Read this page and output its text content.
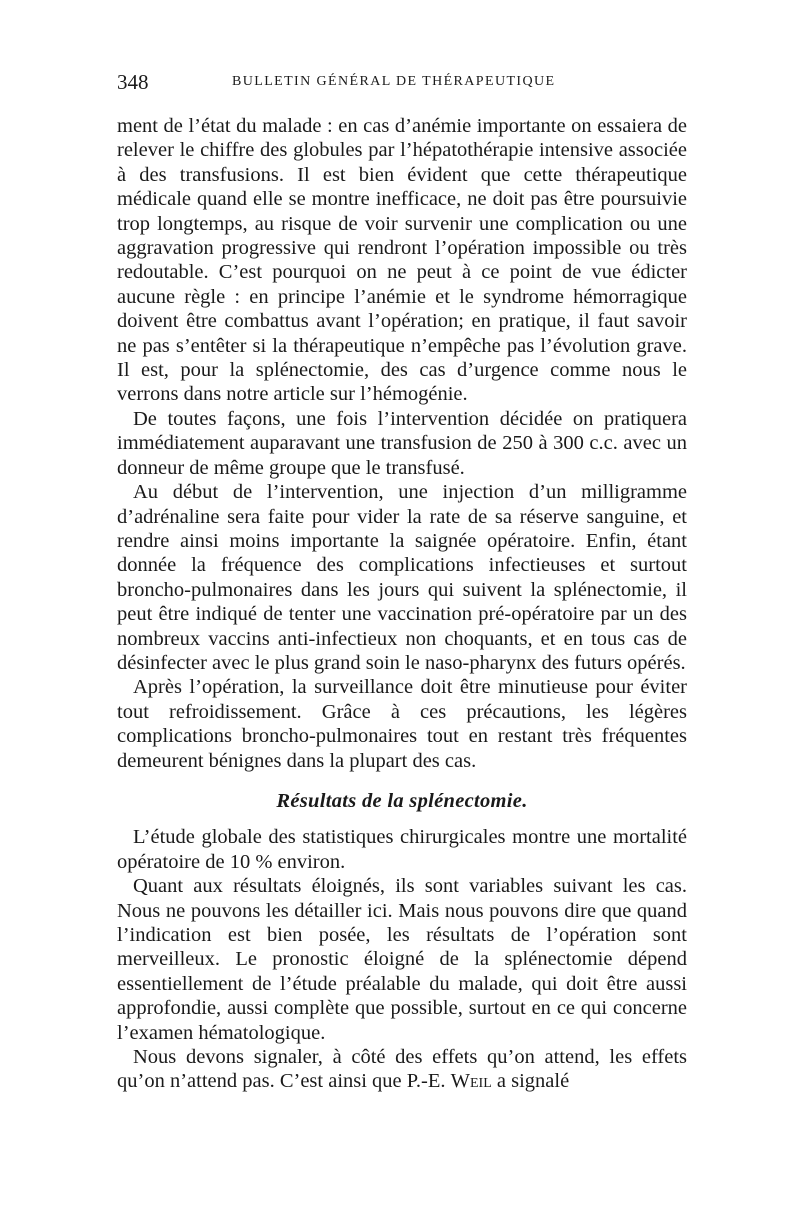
348	BULLETIN GÉNÉRAL DE THÉRAPEUTIQUE

ment de l’état du malade : en cas d’anémie importante on essaiera de relever le chiffre des globules par l’hépatothérapie intensive associée à des transfusions. Il est bien évident que cette thérapeutique médicale quand elle se montre inefficace, ne doit pas être poursuivie trop longtemps, au risque de voir survenir une complication ou une aggravation progressive qui rendront l’opération impossible ou très redoutable. C’est pourquoi on ne peut à ce point de vue édicter aucune règle : en principe l’anémie et le syndrome hémorragique doivent être combattus avant l’opération; en pratique, il faut savoir ne pas s’entêter si la thérapeutique n’empêche pas l’évolution grave. Il est, pour la splénectomie, des cas d’urgence comme nous le verrons dans notre article sur l’hémogénie.

De toutes façons, une fois l’intervention décidée on pratiquera immédiatement auparavant une transfusion de 250 à 300 c.c. avec un donneur de même groupe que le transfusé.

Au début de l’intervention, une injection d’un milligramme d’adrénaline sera faite pour vider la rate de sa réserve sanguine, et rendre ainsi moins importante la saignée opératoire. Enfin, étant donnée la fréquence des complications infectieuses et surtout broncho-pulmonaires dans les jours qui suivent la splénectomie, il peut être indiqué de tenter une vaccination pré-opératoire par un des nombreux vaccins anti-infectieux non choquants, et en tous cas de désinfecter avec le plus grand soin le naso-pharynx des futurs opérés.

Après l’opération, la surveillance doit être minutieuse pour éviter tout refroidissement. Grâce à ces précautions, les légères complications broncho-pulmonaires tout en restant très fréquentes demeurent bénignes dans la plupart des cas.

Résultats de la splénectomie.

L’étude globale des statistiques chirurgicales montre une mortalité opératoire de 10 % environ.

Quant aux résultats éloignés, ils sont variables suivant les cas. Nous ne pouvons les détailler ici. Mais nous pouvons dire que quand l’indication est bien posée, les résultats de l’opération sont merveilleux. Le pronostic éloigné de la splénectomie dépend essentiellement de l’étude préalable du malade, qui doit être aussi approfondie, aussi complète que possible, surtout en ce qui concerne l’examen hématologique.

Nous devons signaler, à côté des effets qu’on attend, les effets qu’on n’attend pas. C’est ainsi que P.-E. Weil a signalé
